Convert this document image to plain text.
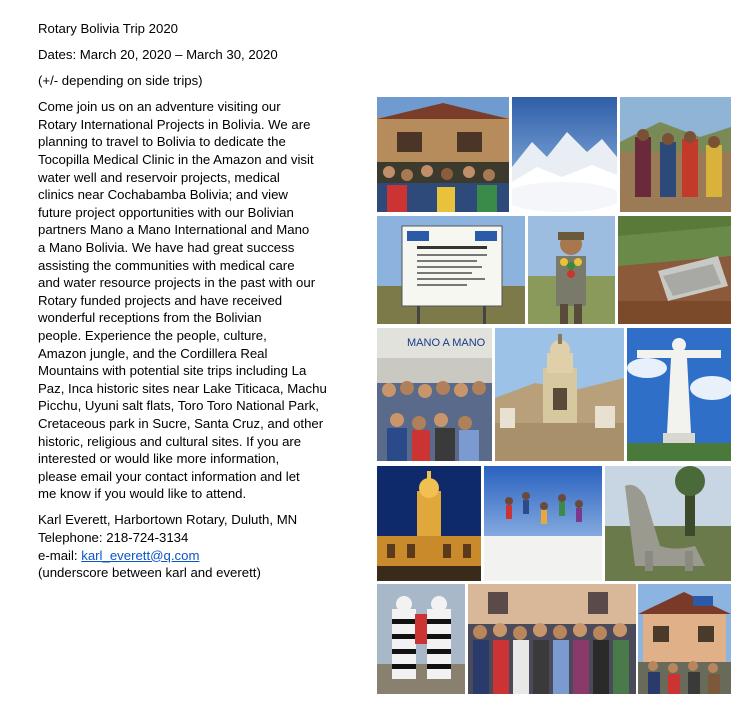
Rotary Bolivia Trip 2020

Dates: March 20, 2020 – March 30, 2020

(+/- depending on side trips)

Come join us on an adventure visiting our

Rotary International Projects in Bolivia. We are

planning to travel to Bolivia to dedicate the

Tocopilla Medical Clinic in the Amazon and visit

water well and reservoir projects, medical

clinics near Cochabamba Bolivia; and view

future project opportunities with our Bolivian

partners Mano a Mano International and Mano

a Mano Bolivia. We have had great success

assisting the communities with medical care

and water resource projects in the past with our

Rotary funded projects and have received

wonderful receptions from the Bolivian

people. Experience the people, culture,

Amazon jungle, and the Cordillera Real

Mountains with potential site trips including La

Paz, Inca historic sites near Lake Titicaca, Machu

Picchu, Uyuni salt flats, Toro Toro National Park,

Cretaceous park in Sucre, Santa Cruz, and other

historic, religious and cultural sites. If you are

interested or would like more information,

please email your contact information and let

me know if you would like to attend.

Karl Everett, Harbortown Rotary, Duluth, MN

Telephone: 218-724-3134

e-mail: karl_everett@q.com

(underscore between karl and everett)

MANO A MANO
